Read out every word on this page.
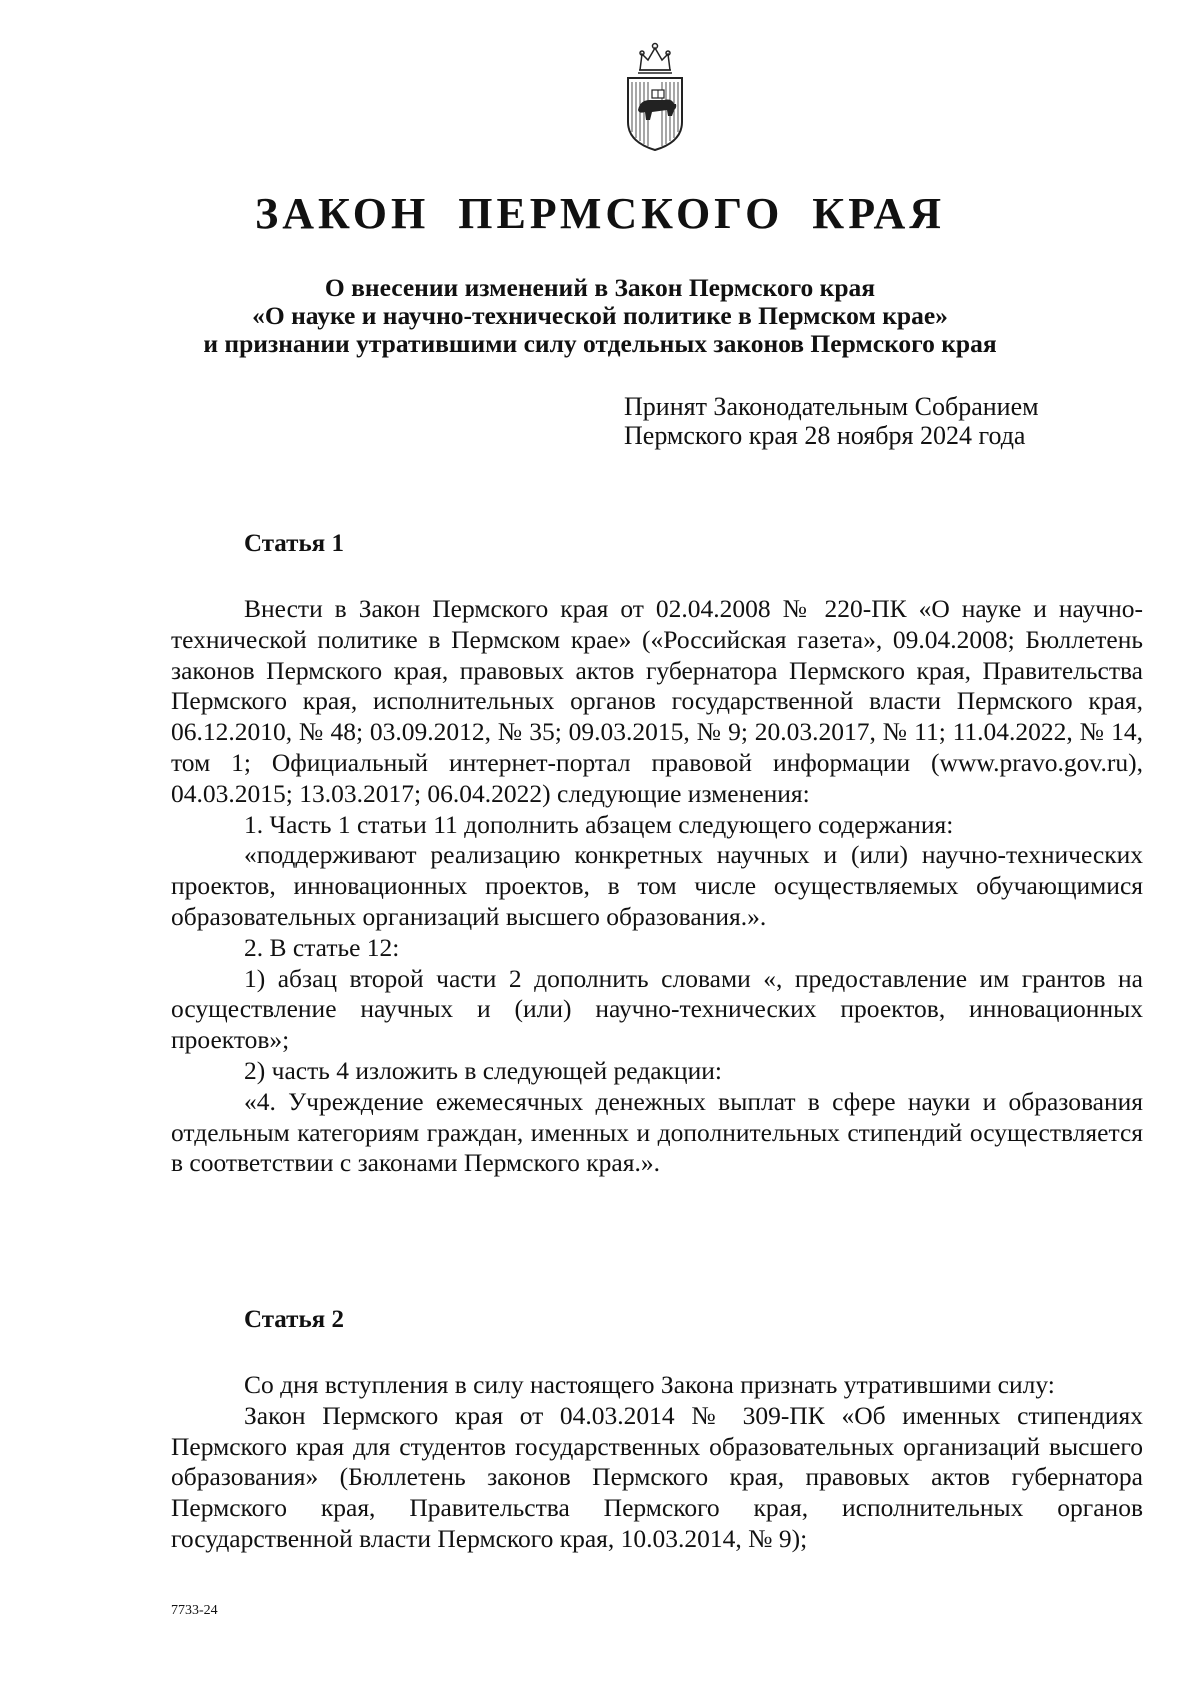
ЗАКОН ПЕРМСКОГО КРАЯ
О внесении изменений в Закон Пермского края
«О науке и научно-технической политике в Пермском крае»
и признании утратившими силу отдельных законов Пермского края
Принят Законодательным Собранием
Пермского края 28 ноября 2024 года
Статья 1

Внести в Закон Пермского края от 02.04.2008 № 220-ПК «О науке и научно-технической политике в Пермском крае» («Российская газета», 09.04.2008; Бюллетень законов Пермского края, правовых актов губернатора Пермского края, Правительства Пермского края, исполнительных органов государственной власти Пермского края, 06.12.2010, № 48; 03.09.2012, № 35; 09.03.2015, № 9; 20.03.2017, № 11; 11.04.2022, № 14, том 1; Официальный интернет-портал правовой информации (www.pravo.gov.ru), 04.03.2015; 13.03.2017; 06.04.2022) следующие изменения:

1. Часть 1 статьи 11 дополнить абзацем следующего содержания:

«поддерживают реализацию конкретных научных и (или) научно-технических проектов, инновационных проектов, в том числе осуществляемых обучающимися образовательных организаций высшего образования.».

2. В статье 12:

1) абзац второй части 2 дополнить словами «, предоставление им грантов на осуществление научных и (или) научно-технических проектов, инновационных проектов»;

2) часть 4 изложить в следующей редакции:

«4. Учреждение ежемесячных денежных выплат в сфере науки и образования отдельным категориям граждан, именных и дополнительных стипендий осуществляется в соответствии с законами Пермского края.».

Статья 2

Со дня вступления в силу настоящего Закона признать утратившими силу:

Закон Пермского края от 04.03.2014 № 309-ПК «Об именных стипендиях Пермского края для студентов государственных образовательных организаций высшего образования» (Бюллетень законов Пермского края, правовых актов губернатора Пермского края, Правительства Пермского края, исполнительных органов государственной власти Пермского края, 10.03.2014, № 9);

7733-24
